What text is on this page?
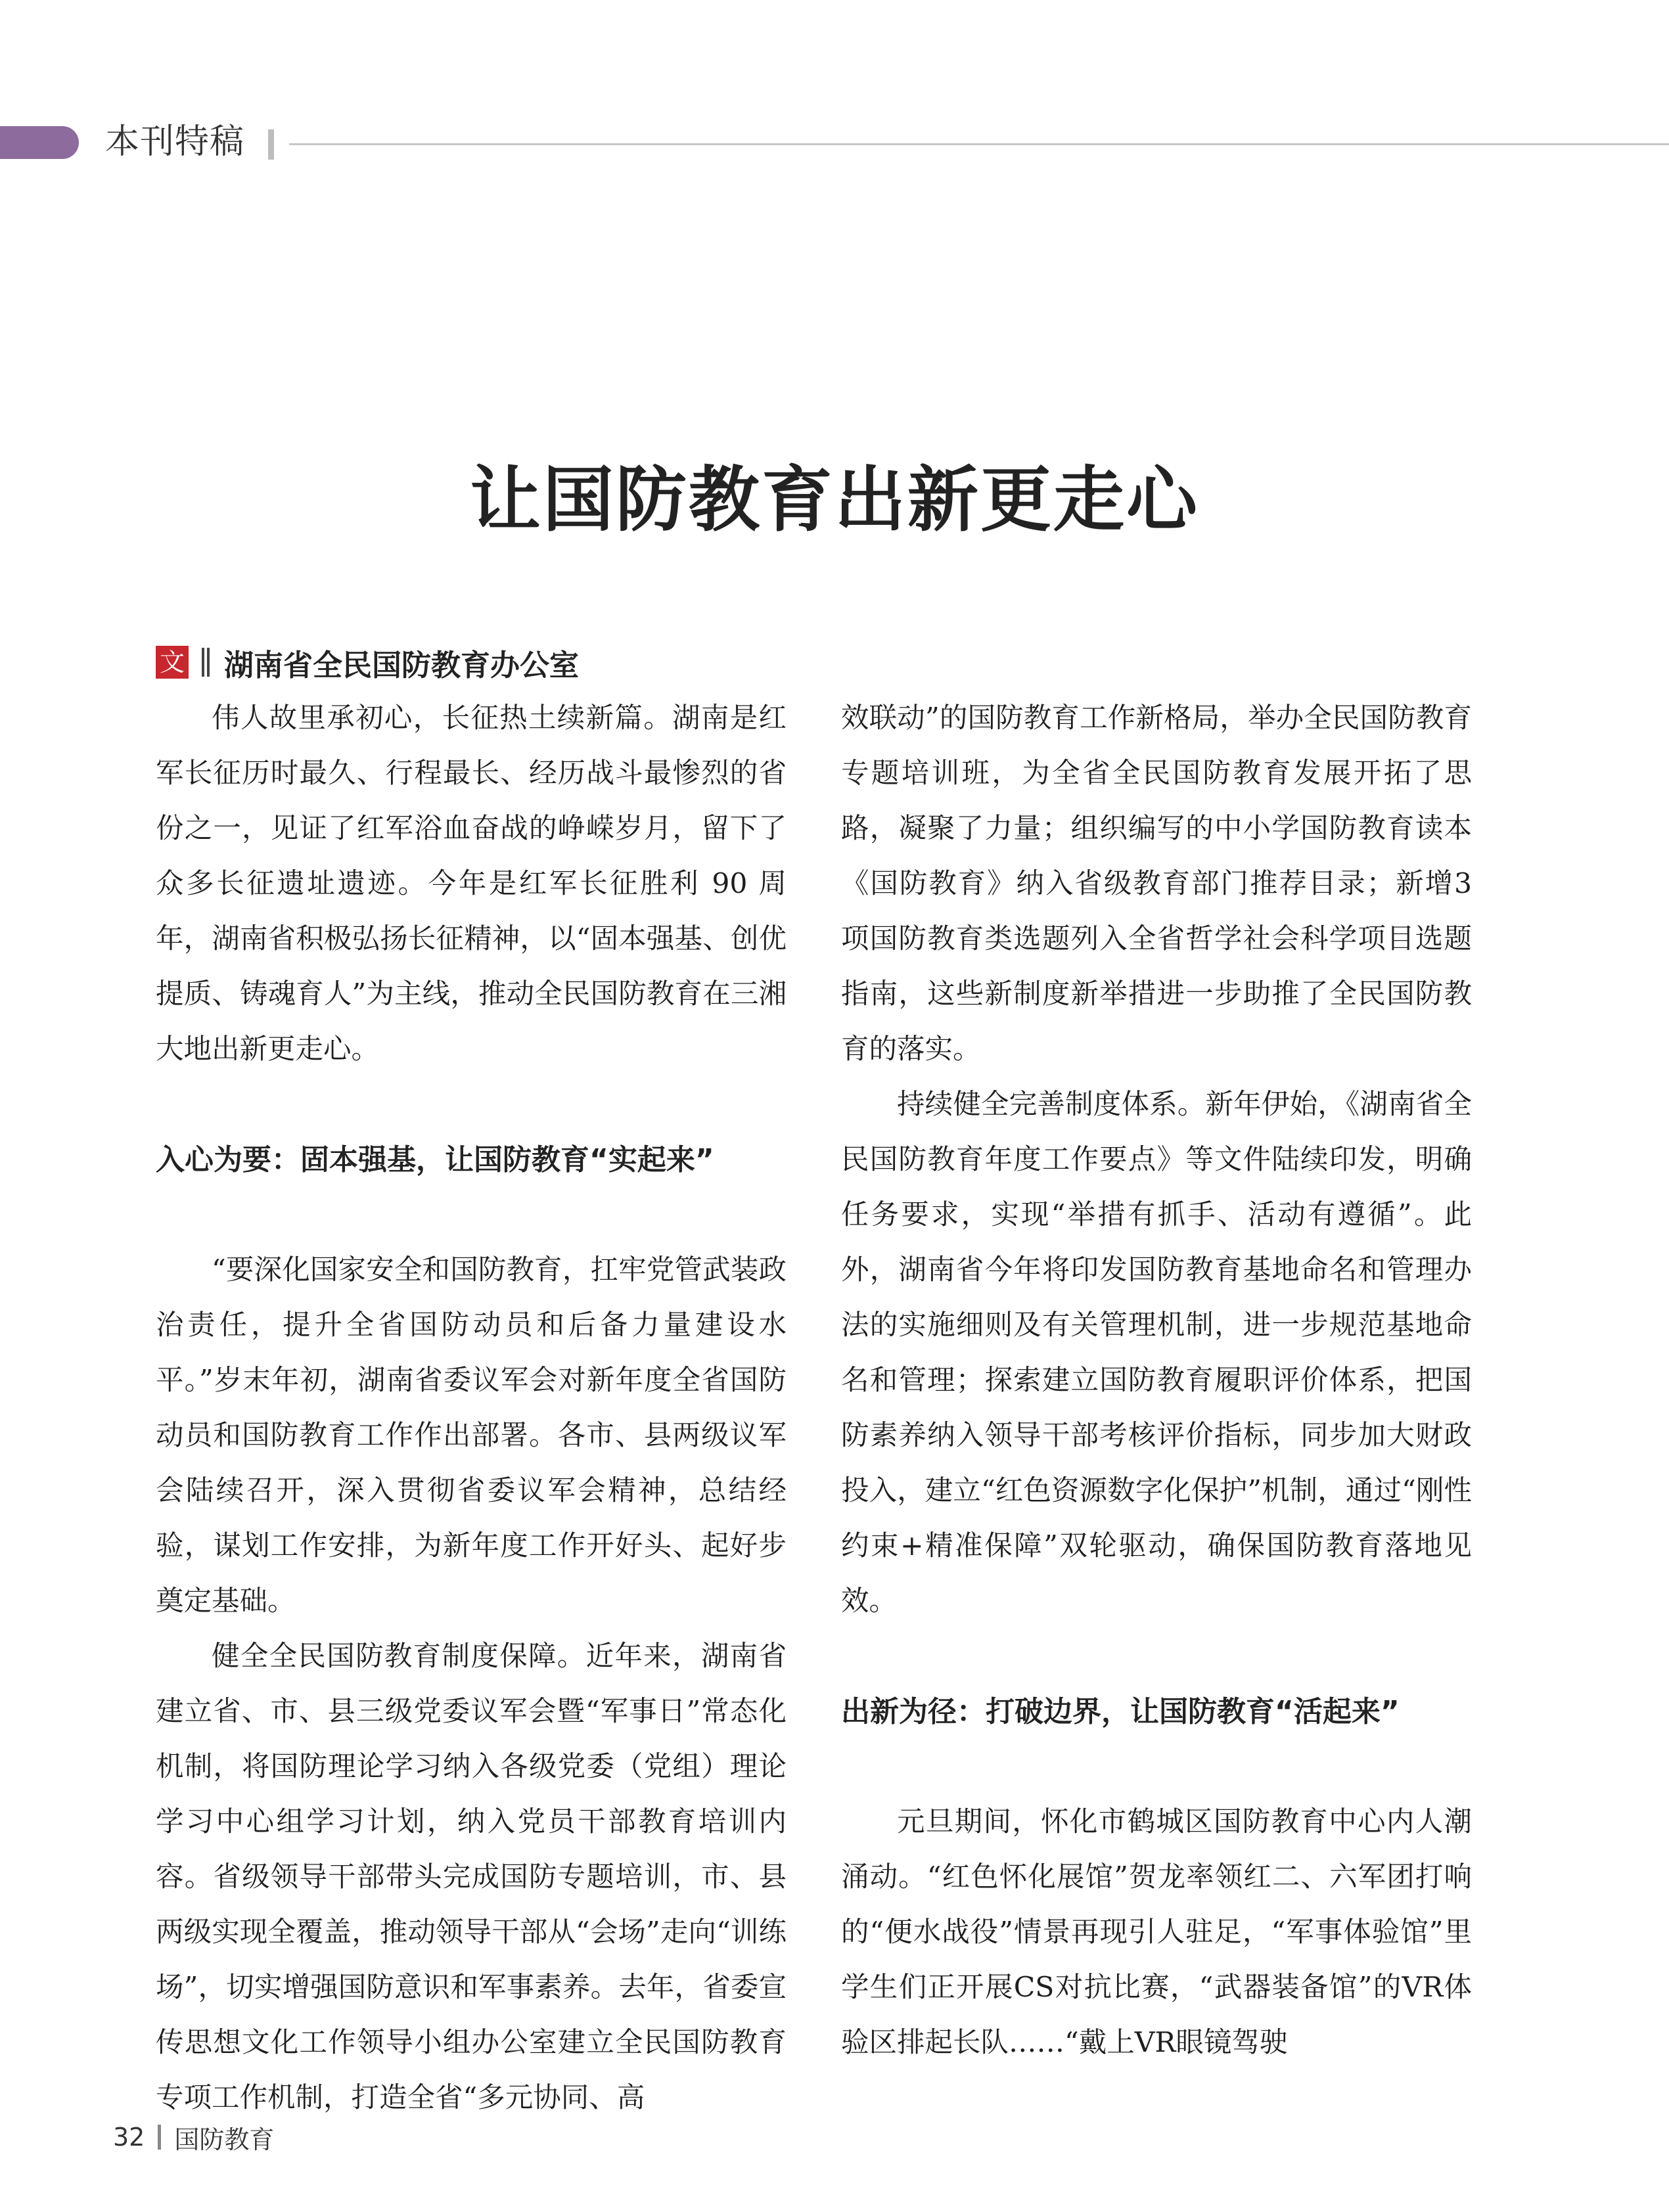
本刊特稿
让国防教育出新更走心
文 湖南省全民国防教育办公室

伟人故里承初心，长征热土续新篇。湖南是红军长征历时最久、行程最长、经历战斗最惨烈的省份之一，见证了红军浴血奋战的峥嵘岁月，留下了众多长征遗址遗迹。今年是红军长征胜利 90 周年，湖南省积极弘扬长征精神，以“固本强基、创优提质、铸魂育人”为主线，推动全民国防教育在三湘大地出新更走心。

入心为要：固本强基，让国防教育“实起来”

“要深化国家安全和国防教育，扛牢党管武装政治责任，提升全省国防动员和后备力量建设水平。”岁末年初，湖南省委议军会对新年度全省国防动员和国防教育工作作出部署。各市、县两级议军会陆续召开，深入贯彻省委议军会精神，总结经验，谋划工作安排，为新年度工作开好头、起好步奠定基础。

健全全民国防教育制度保障。近年来，湖南省建立省、市、县三级党委议军会暨“军事日”常态化机制，将国防理论学习纳入各级党委（党组）理论学习中心组学习计划，纳入党员干部教育培训内容。省级领导干部带头完成国防专题培训，市、县两级实现全覆盖，推动领导干部从“会场”走向“训练场”，切实增强国防意识和军事素养。去年，省委宣传思想文化工作领导小组办公室建立全民国防教育专项工作机制，打造全省“多元协同、高

效联动”的国防教育工作新格局，举办全民国防教育专题培训班，为全省全民国防教育发展开拓了思路，凝聚了力量；组织编写的中小学国防教育读本《国防教育》纳入省级教育部门推荐目录；新增3项国防教育类选题列入全省哲学社会科学项目选题指南，这些新制度新举措进一步助推了全民国防教育的落实。

持续健全完善制度体系。新年伊始，《湖南省全民国防教育年度工作要点》等文件陆续印发，明确任务要求，实现“举措有抓手、活动有遵循”。此外，湖南省今年将印发国防教育基地命名和管理办法的实施细则及有关管理机制，进一步规范基地命名和管理；探索建立国防教育履职评价体系，把国防素养纳入领导干部考核评价指标，同步加大财政投入，建立“红色资源数字化保护”机制，通过“刚性约束+精准保障”双轮驱动，确保国防教育落地见效。

出新为径：打破边界，让国防教育“活起来”

元旦期间，怀化市鹤城区国防教育中心内人潮涌动。“红色怀化展馆”贺龙率领红二、六军团打响的“便水战役”情景再现引人驻足，“军事体验馆”里学生们正开展CS对抗比赛，“武器装备馆”的VR体验区排起长队……“戴上VR眼镜驾驶

32 国防教育
